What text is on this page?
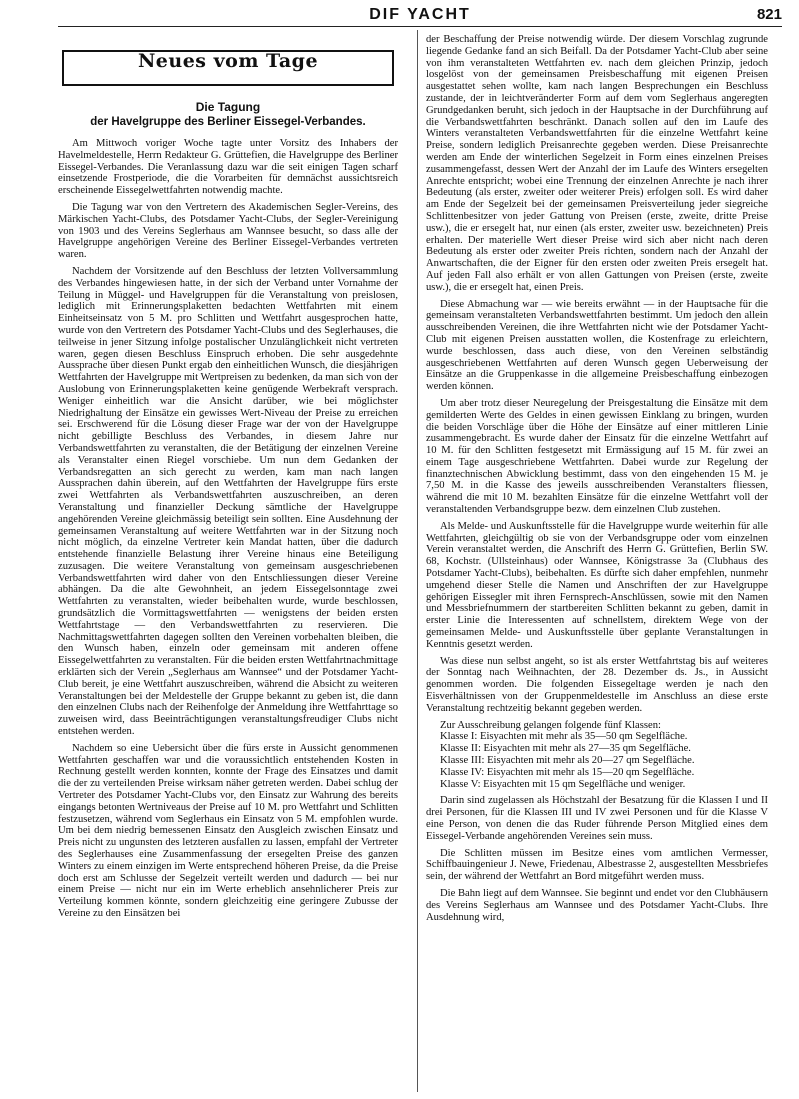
DIF YACHT	821
Neues vom Tage
Die Tagung
der Havelgruppe des Berliner Eissegel-Verbandes.

Am Mittwoch voriger Woche tagte unter Vorsitz des Inhabers der Havelmeldestelle, Herrn Redakteur G. Grüttefien, die Havelgruppe des Berliner Eissegel-Verbandes. Die Veranlassung dazu war die seit einigen Tagen scharf einsetzende Frostperiode, die die Vorarbeiten für demnächst aussichtsreich erscheinende Eissegelwettfahrten notwendig machte.

Die Tagung war von den Vertretern des Akademischen Segler-Vereins, des Märkischen Yacht-Clubs, des Potsdamer Yacht-Clubs, der Segler-Vereinigung von 1903 und des Vereins Seglerhaus am Wannsee besucht, so dass alle der Havelgruppe angehörigen Vereine des Berliner Eissegel-Verbandes vertreten waren.

Nachdem der Vorsitzende auf den Beschluss der letzten Vollversammlung des Verbandes hingewiesen hatte, in der sich der Verband unter Vornahme der Teilung in Müggel- und Havelgruppen für die Veranstaltung von preislosen, lediglich mit Erinnerungsplaketten bedachten Wettfahrten mit einem Einheitseinsatz von 5 M. pro Schlitten und Wettfahrt ausgesprochen hatte, wurde von den Vertretern des Potsdamer Yacht-Clubs und des Seglerhauses, die teilweise in jener Sitzung infolge postalischer Unzulänglichkeit nicht vertreten waren, gegen diesen Beschluss Einspruch erhoben. Die sehr ausgedehnte Aussprache über diesen Punkt ergab den einheitlichen Wunsch, die diesjährigen Wettfahrten der Havelgruppe mit Wertpreisen zu bedenken, da man sich von der Auslobung von Erinnerungsplaketten keine genügende Werbekraft versprach. Weniger einheitlich war die Ansicht darüber, wie bei möglichster Niedrighaltung der Einsätze ein gewisses Wert-Niveau der Preise zu erreichen sei. Erschwerend für die Lösung dieser Frage war der von der Havelgruppe nicht gebilligte Beschluss des Verbandes, in diesem Jahre nur Verbandswettfahrten zu veranstalten, die der Betätigung der einzelnen Vereine als Veranstalter einen Riegel vorschiebe. Um nun dem Gedanken der Verbandsregatten an sich gerecht zu werden, kam man nach langen Aussprachen dahin überein, auf den Wettfahrten der Havelgruppe fürs erste zwei Wettfahrten als Verbandswettfahrten auszuschreiben, an deren Veranstaltung und finanzieller Deckung sämtliche der Havelgruppe angehörenden Vereine gleichmässig beteiligt sein sollten. Eine Ausdehnung der gemeinsamen Veranstaltung auf weitere Wettfahrten war in der Sitzung noch nicht möglich, da einzelne Vertreter kein Mandat hatten, über die dadurch entstehende finanzielle Belastung ihrer Vereine hinaus eine Beteiligung zuzusagen. Die weitere Veranstaltung von gemeinsam ausgeschriebenen Verbandswettfahrten wird daher von den Entschliessungen dieser Vereine abhängen. Da die alte Gewohnheit, an jedem Eissegelsonntage zwei Wettfahrten zu veranstalten, wieder beibehalten wurde, wurde beschlossen, grundsätzlich die Vormittagswettfahrten — wenigstens der beiden ersten Wettfahrtstage — den Verbandswettfahrten zu reservieren. Die Nachmittagswettfahrten dagegen sollten den Vereinen vorbehalten bleiben, die den Wunsch haben, einzeln oder gemeinsam mit anderen offene Eissegelwettfahrten zu veranstalten. Für die beiden ersten Wettfahrtnachmittage erklärten sich der Verein „Seglerhaus am Wannsee“ und der Potsdamer Yacht-Club bereit, je eine Wettfahrt auszuschreiben, während die Absicht zu weiteren Veranstaltungen bei der Meldestelle der Gruppe bekannt zu geben ist, die dann den einzelnen Clubs nach der Reihenfolge der Anmeldung ihre Wettfahrttage so zuweisen wird, dass Beeinträchtigungen veranstaltungsfreudiger Clubs nicht entstehen werden.

Nachdem so eine Uebersicht über die fürs erste in Aussicht genommenen Wettfahrten geschaffen war und die voraussichtlich entstehenden Kosten in Rechnung gestellt werden konnten, konnte der Frage des Einsatzes und damit die der zu verteilenden Preise wirksam näher getreten werden. Dabei schlug der Vertreter des Potsdamer Yacht-Clubs vor, den Einsatz zur Wahrung des bereits eingangs betonten Wertniveaus der Preise auf 10 M. pro Wettfahrt und Schlitten festzusetzen, während vom Seglerhaus ein Einsatz von 5 M. empfohlen wurde. Um bei dem niedrig bemessenen Einsatz den Ausgleich zwischen Einsatz und Preis nicht zu ungunsten des letzteren ausfallen zu lassen, empfahl der Vertreter des Seglerhauses eine Zusammenfassung der ersegelten Preise des ganzen Winters zu einem einzigen im Werte entsprechend höheren Preise, da die Preise doch erst am Schlusse der Segelzeit verteilt werden und dadurch — bei nur einem Preise — nicht nur ein im Werte erheblich ansehnlicherer Preis zur Verteilung kommen könnte, sondern gleichzeitig eine geringere Zubusse der Vereine zu den Einsätzen bei

der Beschaffung der Preise notwendig würde. Der diesem Vorschlag zugrunde liegende Gedanke fand an sich Beifall. Da der Potsdamer Yacht-Club aber seine von ihm veranstalteten Wettfahrten ev. nach dem gleichen Prinzip, jedoch losgelöst von der gemeinsamen Preisbeschaffung mit eigenen Preisen ausgestattet sehen wollte, kam nach langen Besprechungen ein Beschluss zustande, der in leichtveränderter Form auf dem vom Seglerhaus angeregten Grundgedanken beruht, sich jedoch in der Hauptsache in der Durchführung auf die Verbandswettfahrten beschränkt. Danach sollen auf den im Laufe des Winters veranstalteten Verbandswettfahrten für die einzelne Wettfahrt keine Preise, sondern lediglich Preisanrechte gegeben werden. Diese Preisanrechte werden am Ende der winterlichen Segelzeit in Form eines einzelnen Preises zusammengefasst, dessen Wert der Anzahl der im Laufe des Winters ersegelten Anrechte entspricht; wobei eine Trennung der einzelnen Anrechte je nach ihrer Bedeutung (als erster, zweiter oder weiterer Preis) erfolgen soll. Es wird daher am Ende der Segelzeit bei der gemeinsamen Preisverteilung jeder siegreiche Schlittenbesitzer von jeder Gattung von Preisen (erste, zweite, dritte Preise usw.), die er ersegelt hat, nur einen (als erster, zweiter usw. bezeichneten) Preis erhalten. Der materielle Wert dieser Preise wird sich aber nicht nach deren Bedeutung als erster oder zweiter Preis richten, sondern nach der Anzahl der Anwartschaften, die der Eigner für den ersten oder zweiten Preis ersegelt hat. Auf jeden Fall also erhält er von allen Gattungen von Preisen (erste, zweite usw.), die er ersegelt hat, einen Preis.

Diese Abmachung war — wie bereits erwähnt — in der Hauptsache für die gemeinsam veranstalteten Verbandswettfahrten bestimmt. Um jedoch den allein ausschreibenden Vereinen, die ihre Wettfahrten nicht wie der Potsdamer Yacht-Club mit eigenen Preisen ausstatten wollen, die Kostenfrage zu erleichtern, wurde beschlossen, dass auch diese, von den Vereinen selbständig ausgeschriebenen Wettfahrten auf deren Wunsch gegen Ueberweisung der Einsätze an die Gruppenkasse in die allgemeine Preisbeschaffung einbezogen werden können.

Um aber trotz dieser Neuregelung der Preisgestaltung die Einsätze mit dem gemilderten Werte des Geldes in einen gewissen Einklang zu bringen, wurden die beiden Vorschläge über die Höhe der Einsätze auf einer mittleren Linie zusammengebracht. Es wurde daher der Einsatz für die einzelne Wettfahrt auf 10 M. für den Schlitten festgesetzt mit Ermässigung auf 15 M. für zwei an einem Tage ausgeschriebene Wettfahrten. Dabei wurde zur Regelung der finanztechnischen Abwicklung bestimmt, dass von den eingehenden 15 M. je 7,50 M. in die Kasse des jeweils ausschreibenden Veranstalters fliessen, während die mit 10 M. bezahlten Einsätze für die einzelne Wettfahrt voll der veranstaltenden Verbandsgruppe bezw. dem einzelnen Club zustehen.

Als Melde- und Auskunftsstelle für die Havelgruppe wurde weiterhin für alle Wettfahrten, gleichgültig ob sie von der Verbandsgruppe oder vom einzelnen Verein veranstaltet werden, die Anschrift des Herrn G. Grüttefien, Berlin SW. 68, Kochstr. (Ullsteinhaus) oder Wannsee, Königstrasse 3a (Clubhaus des Potsdamer Yacht-Clubs), beibehalten. Es dürfte sich daher empfehlen, nunmehr umgehend dieser Stelle die Namen und Anschriften der zur Havelgruppe gehörigen Eissegler mit ihren Fernsprech-Anschlüssen, sowie mit den Namen und Messbriefnummern der startbereiten Schlitten bekannt zu geben, damit in erster Linie die Interessenten auf schnellstem, direktem Wege von der gemeinsamen Melde- und Auskunftsstelle über geplante Veranstaltungen in Kenntnis gesetzt werden.

Was diese nun selbst angeht, so ist als erster Wettfahrtstag bis auf weiteres der Sonntag nach Weihnachten, der 28. Dezember ds. Js., in Aussicht genommen worden. Die folgenden Eissegeltage werden je nach den Eisverhältnissen von der Gruppenmeldestelle im Anschluss an diese erste Veranstaltung rechtzeitig bekannt gegeben werden.

Zur Ausschreibung gelangen folgende fünf Klassen:

Klasse I: Eisyachten mit mehr als 35—50 qm Segelfläche.

Klasse II: Eisyachten mit mehr als 27—35 qm Segelfläche.

Klasse III: Eisyachten mit mehr als 20—27 qm Segelfläche.

Klasse IV: Eisyachten mit mehr als 15—20 qm Segelfläche.

Klasse V: Eisyachten mit 15 qm Segelfläche und weniger.

Darin sind zugelassen als Höchstzahl der Besatzung für die Klassen I und II drei Personen, für die Klassen III und IV zwei Personen und für die Klasse V eine Person, von denen die das Ruder führende Person Mitglied eines dem Eissegel-Verbande angehörenden Vereines sein muss.

Die Schlitten müssen im Besitze eines vom amtlichen Vermesser, Schiffbauingenieur J. Newe, Friedenau, Albestrasse 2, ausgestellten Messbriefes sein, der während der Wettfahrt an Bord mitgeführt werden muss.

Die Bahn liegt auf dem Wannsee. Sie beginnt und endet vor den Clubhäusern des Vereins Seglerhaus am Wannsee und des Potsdamer Yacht-Clubs. Ihre Ausdehnung wird,
